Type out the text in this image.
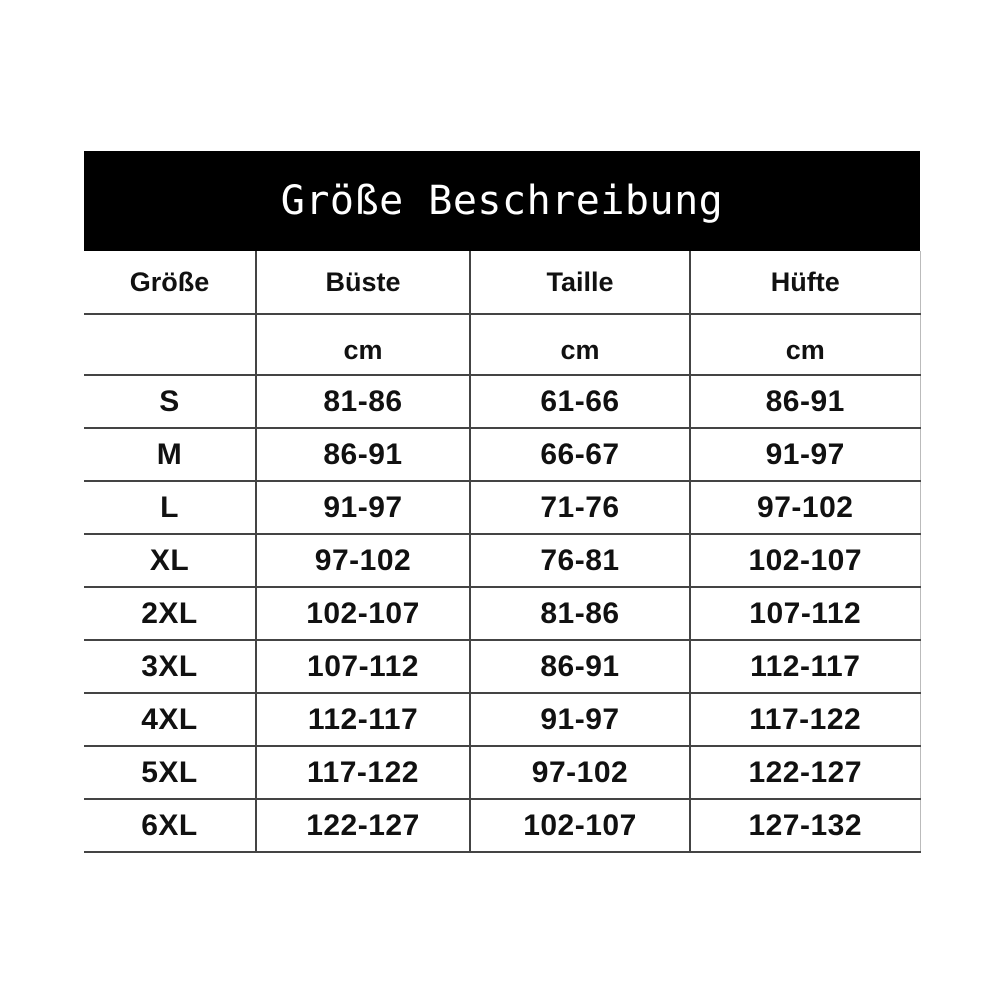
Größe Beschreibung
Größe	Büste	Taille	Hüfte
	cm	cm	cm
S	81-86	61-66	86-91
M	86-91	66-67	91-97
L	91-97	71-76	97-102
XL	97-102	76-81	102-107
2XL	102-107	81-86	107-112
3XL	107-112	86-91	112-117
4XL	112-117	91-97	117-122
5XL	117-122	97-102	122-127
6XL	122-127	102-107	127-132
